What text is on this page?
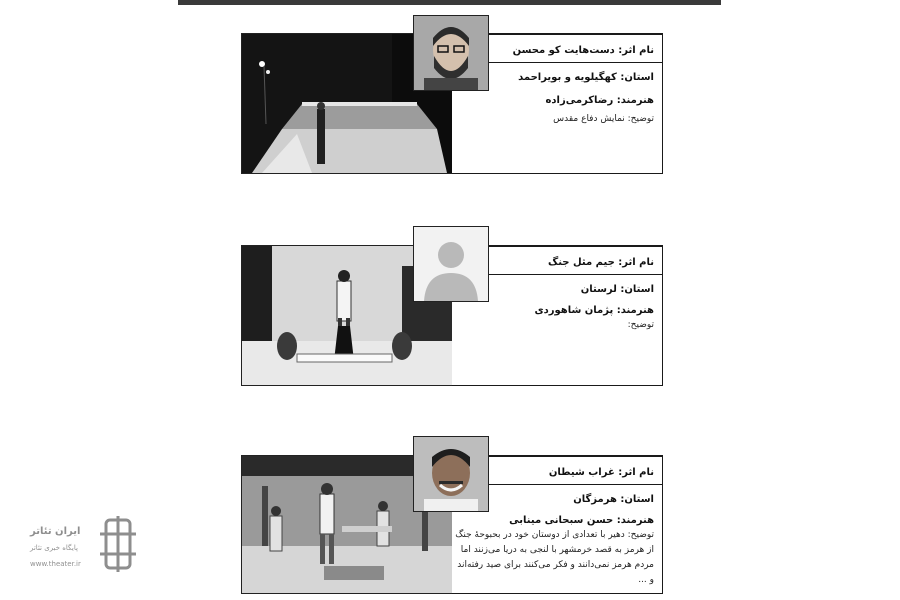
نام اثر: دست‌هایت کو محسن
استان: کهگیلویه و بویراحمد
هنرمند: رضاکرمی‌زاده
توضیح: نمایش دفاع مقدس
نام اثر: جیم مثل جنگ
استان: لرستان
هنرمند: پژمان شاهوردی
توضیح:
نام اثر: غراب شیطان
استان: هرمزگان
هنرمند: حسن سبحانی مینابی
توضیح: دهیر با تعدادی از دوستان خود در بحبوحهٔ جنگ از هرمز به قصد خرمشهر با لنجی به دریا می‌زنند اما مردم هرمز نمی‌دانند و فکر می‌کنند برای صید رفته‌اند و ...
ایران تئاتر
پایگاه خبری تئاتر
www.theater.ir
